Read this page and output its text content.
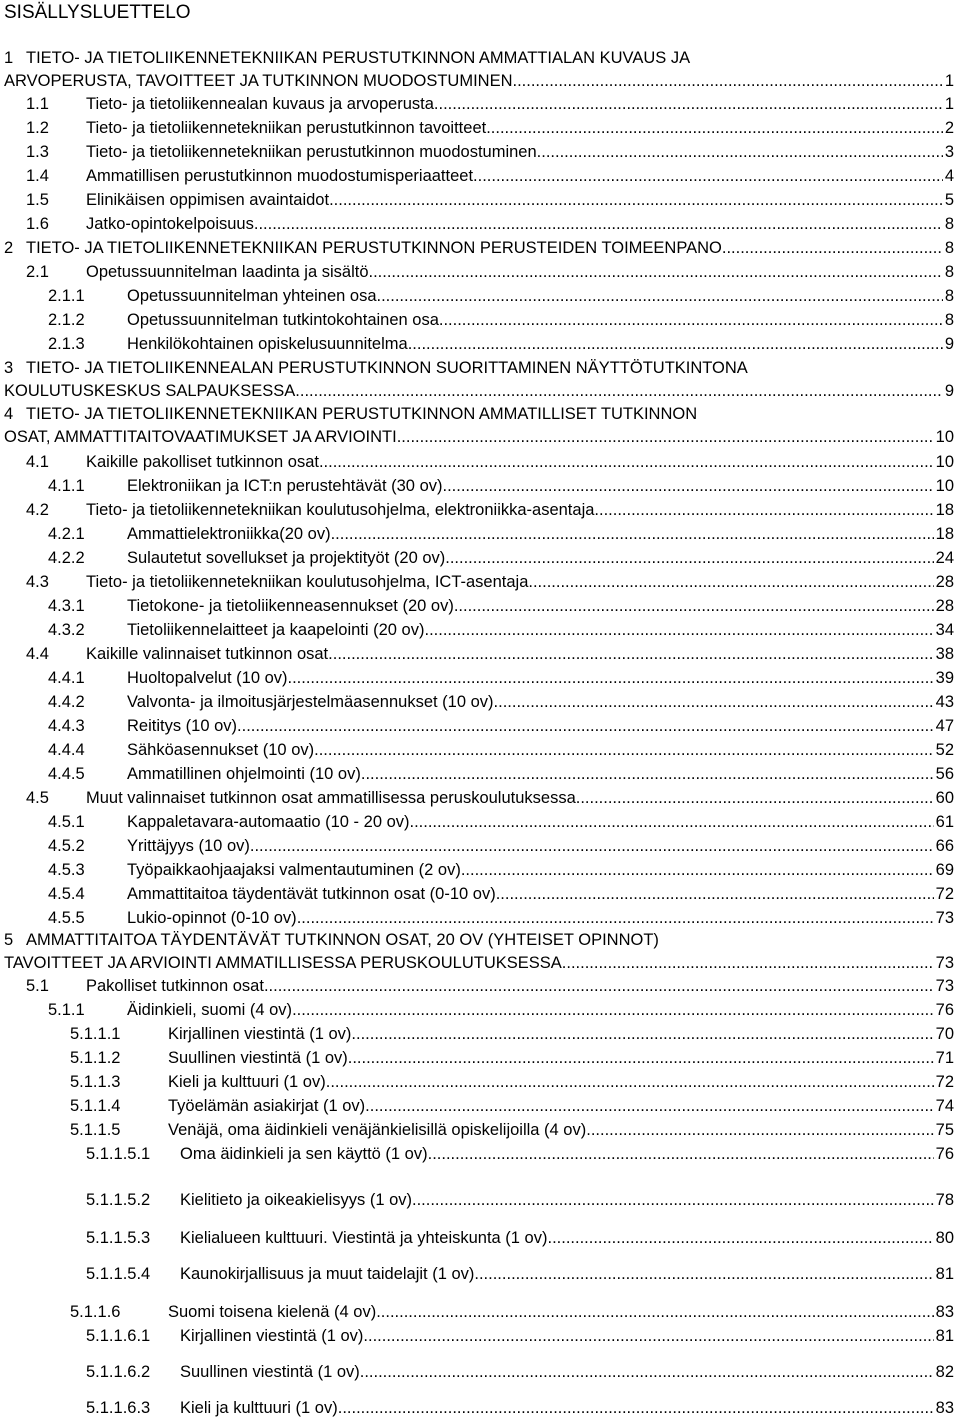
SISÄLLYSLUETTELO
1 TIETO- JA TIETOLIIKENNETEKNIIKAN PERUSTUTKINNON AMMATTIALAN KUVAUS JA
ARVOPERUSTA, TAVOITTEET JA TUTKINNON MUODOSTUMINEN .....	1
1.1 Tieto- ja tietoliikennealan kuvaus ja arvoperusta .....	1
1.2 Tieto- ja tietoliikennetekniikan perustutkinnon tavoitteet .....	2
1.3 Tieto- ja tietoliikennetekniikan perustutkinnon muodostuminen .....	3
1.4 Ammatillisen perustutkinnon muodostumisperiaatteet .....	4
1.5 Elinikäisen oppimisen avaintaidot .....	5
1.6 Jatko-opintokelpoisuus .....	8
2 TIETO- JA TIETOLIIKENNETEKNIIKAN PERUSTUTKINNON PERUSTEIDEN TOIMEENPANO .....	8
2.1 Opetussuunnitelman laadinta ja sisältö .....	8
2.1.1	Opetussuunnitelman yhteinen osa .....	8
2.1.2	Opetussuunnitelman tutkintokohtainen osa .....	8
2.1.3	Henkilökohtainen opiskelusuunnitelma .....	9
3 TIETO- JA TIETOLIIKENNEALAN PERUSTUTKINNON SUORITTAMINEN NÄYTTÖTUTKINTONA
KOULUTUSKESKUS SALPAUKSESSA .....	9
4 TIETO- JA TIETOLIIKENNETEKNIIKAN PERUSTUTKINNON AMMATILLISET TUTKINNON
OSAT, AMMATTITAITOVAATIMUKSET JA ARVIOINTI .....	10
4.1 Kaikille pakolliset tutkinnon osat .....	10
4.1.1	Elektroniikan ja ICT:n perustehtävät (30 ov) .....	10
4.2 Tieto- ja tietoliikennetekniikan koulutusohjelma, elektroniikka-asentaja .....	18
4.2.1	Ammattielektroniikka(20 ov) .....	18
4.2.2	Sulautetut sovellukset ja projektityöt (20 ov) .....	24
4.3 Tieto- ja tietoliikennetekniikan koulutusohjelma, ICT-asentaja .....	28
4.3.1	Tietokone- ja tietoliikenneasennukset (20 ov) .....	28
4.3.2	Tietoliikennelaitteet ja kaapelointi (20 ov) .....	34
4.4 Kaikille valinnaiset tutkinnon osat .....	38
4.4.1	Huoltopalvelut (10 ov) .....	39
4.4.2	Valvonta- ja ilmoitusjärjestelmäasennukset (10 ov) .....	43
4.4.3	Reititys (10 ov) .....	47
4.4.4	Sähköasennukset (10 ov) .....	52
4.4.5	Ammatillinen ohjelmointi (10 ov) .....	56
4.5 Muut valinnaiset tutkinnon osat ammatillisessa peruskoulutuksessa .....	60
4.5.1	Kappaletavara-automaatio (10 - 20 ov) .....	61
4.5.2	Yrittäjyys (10 ov) .....	66
4.5.3	Työpaikkaohjaajaksi valmentautuminen (2 ov) .....	69
4.5.4	Ammattitaitoa täydentävät tutkinnon osat (0-10 ov) .....	72
4.5.5	Lukio-opinnot (0-10 ov) .....	73
5 AMMATTITAITOA TÄYDENTÄVÄT TUTKINNON OSAT, 20 OV (YHTEISET OPINNOT)
TAVOITTEET JA ARVIOINTI AMMATILLISESSA PERUSKOULUTUKSESSA .....	73
5.1 Pakolliset tutkinnon osat .....	73
5.1.1	Äidinkieli, suomi (4 ov) .....	76
5.1.1.1	Kirjallinen viestintä (1 ov) .....	70
5.1.1.2	Suullinen viestintä (1 ov) .....	71
5.1.1.3	Kieli ja kulttuuri (1 ov) .....	72
5.1.1.4	Työelämän asiakirjat (1 ov) .....	74
5.1.1.5	Venäjä, oma äidinkieli venäjänkielisillä opiskelijoilla (4 ov) .....	75
5.1.1.5.1 Oma äidinkieli ja sen käyttö (1 ov) .....	76
5.1.1.5.2 Kielitieto ja oikeakielisyys (1 ov) .....	78
5.1.1.5.3 Kielialueen kulttuuri. Viestintä ja yhteiskunta (1 ov) .....	80
5.1.1.5.4 Kaunokirjallisuus ja muut taidelajit (1 ov) .....	81
5.1.1.6	Suomi toisena kielenä (4 ov) .....	83
5.1.1.6.1 Kirjallinen viestintä (1 ov) .....	81
5.1.1.6.2 Suullinen viestintä (1 ov) .....	82
5.1.1.6.3 Kieli ja kulttuuri (1 ov) .....	83
